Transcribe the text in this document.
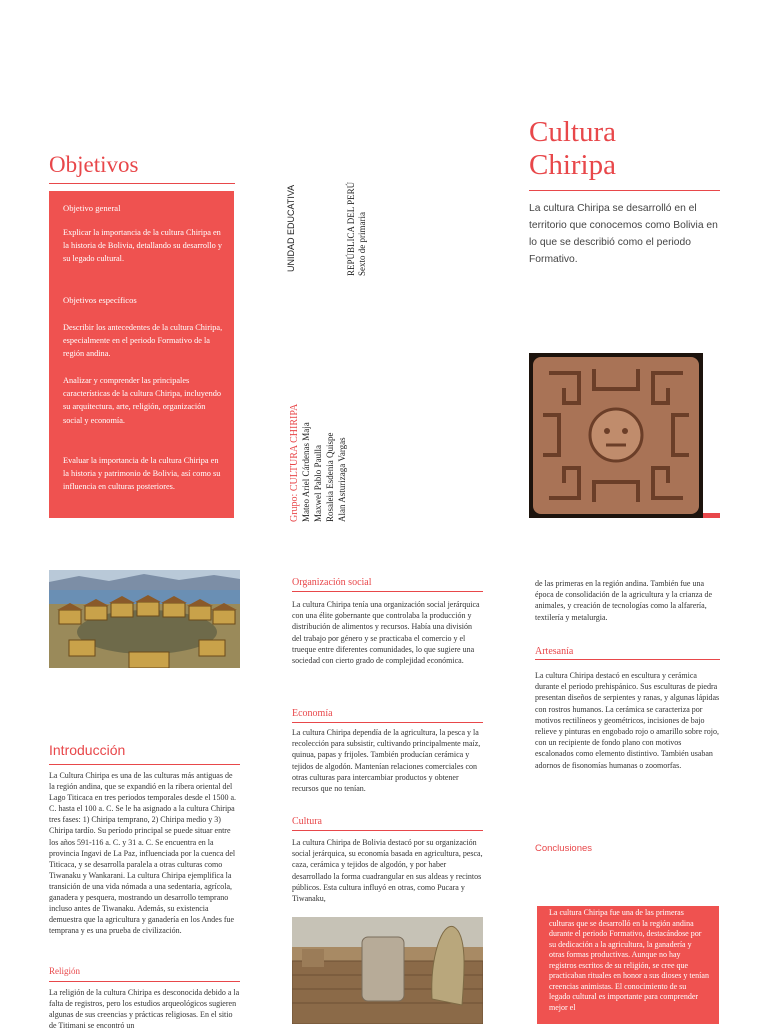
Objetivos
Objetivo general
Explicar la importancia de la cultura Chiripa en la historia de Bolivia, detallando su desarrollo y su legado cultural.
Objetivos específicos
Describir los antecedentes de la cultura Chiripa, especialmente en el periodo Formativo de la región andina.
Analizar y comprender las principales características de la cultura Chiripa, incluyendo su arquitectura, arte, religión, organización social y economía.
Evaluar la importancia de la cultura Chiripa en la historia y patrimonio de Bolivia, así como su influencia en culturas posteriores.
Introducción
La Cultura Chiripa es una de las culturas más antiguas de la región andina, que se expandió en la ribera oriental del Lago Titicaca en tres periodos temporales desde el 1500 a. C. hasta el 100 a. C. Se le ha asignado a la cultura Chiripa tres fases: 1) Chiripa temprano, 2) Chiripa medio y 3) Chiripa tardío. Su período principal se puede situar entre los años 591-116 a. C. y 31 a. C. Se encuentra en la provincia Ingavi de La Paz, influenciada por la cuenca del Titicaca, y se desarrolla paralela a otras culturas como Tiwanaku y Wankarani. La cultura Chiripa ejemplifica la transición de una vida nómada a una sedentaria, agrícola, ganadera y pesquera, mostrando un desarrollo temprano incluso antes de Tiwanaku. Además, su existencia demuestra que la agricultura y ganadería en los Andes fue temprana y es una prueba de civilización.
Religión
La religión de la cultura Chiripa es desconocida debido a la falta de registros, pero los estudios arqueológicos sugieren algunas de sus creencias y prácticas religiosas. En el sitio de Titimani se encontró un
UNIDAD EDUCATIVA	REPÚBLICA DEL PERÚ Sexto de primaria
Grupo: CULTURA CHIRIPA Mateo Ariel Cárdenas Maja Maxwel Pablo Paulla Rosaleia Esdenia Quispe Alan Asturizaga Vargas
Organización social
La cultura Chiripa tenía una organización social jerárquica con una élite gobernante que controlaba la producción y distribución de alimentos y recursos. Había una división del trabajo por género y se practicaba el comercio y el trueque entre diferentes comunidades, lo que sugiere una sociedad con cierto grado de complejidad económica.
Economía
La cultura Chiripa dependía de la agricultura, la pesca y la recolección para subsistir, cultivando principalmente maíz, quinua, papas y frijoles. También producían cerámica y tejidos de algodón. Mantenían relaciones comerciales con otras culturas para intercambiar productos y obtener recursos que no tenían.
Cultura
La cultura Chiripa de Bolivia destacó por su organización social jerárquica, su economía basada en agricultura, pesca, caza, cerámica y tejidos de algodón, y por haber desarrollado la forma cuadrangular en sus aldeas y recintos públicos. Esta cultura influyó en otras, como Pucara y Tiwanaku,
Cultura
Chiripa
La cultura Chiripa se desarrolló en el territorio que conocemos como Bolivia en lo que se describió como el periodo Formativo.
de las primeras en la región andina. También fue una época de consolidación de la agricultura y la crianza de animales, y creación de tecnologías como la alfarería, textilería y metalurgia.
Artesanía
La cultura Chiripa destacó en escultura y cerámica durante el periodo prehispánico. Sus esculturas de piedra presentan diseños de serpientes y ranas, y algunas lápidas con rostros humanos. La cerámica se caracteriza por motivos rectilíneos y geométricos, incisiones de bajo relieve y pinturas en engobado rojo o amarillo sobre rojo, con un recipiente de fondo plano con motivos escalonados como elemento distintivo. También usaban adornos de fisonomías humanas o zoomorfas.
Conclusiones
La cultura Chiripa fue una de las primeras culturas que se desarrolló en la región andina durante el periodo Formativo, destacándose por su dedicación a la agricultura, la ganadería y otras formas productivas. Aunque no hay registros escritos de su religión, se cree que practicaban rituales en honor a sus dioses y tenían creencias animistas. El conocimiento de su legado cultural es importante para comprender mejor el
